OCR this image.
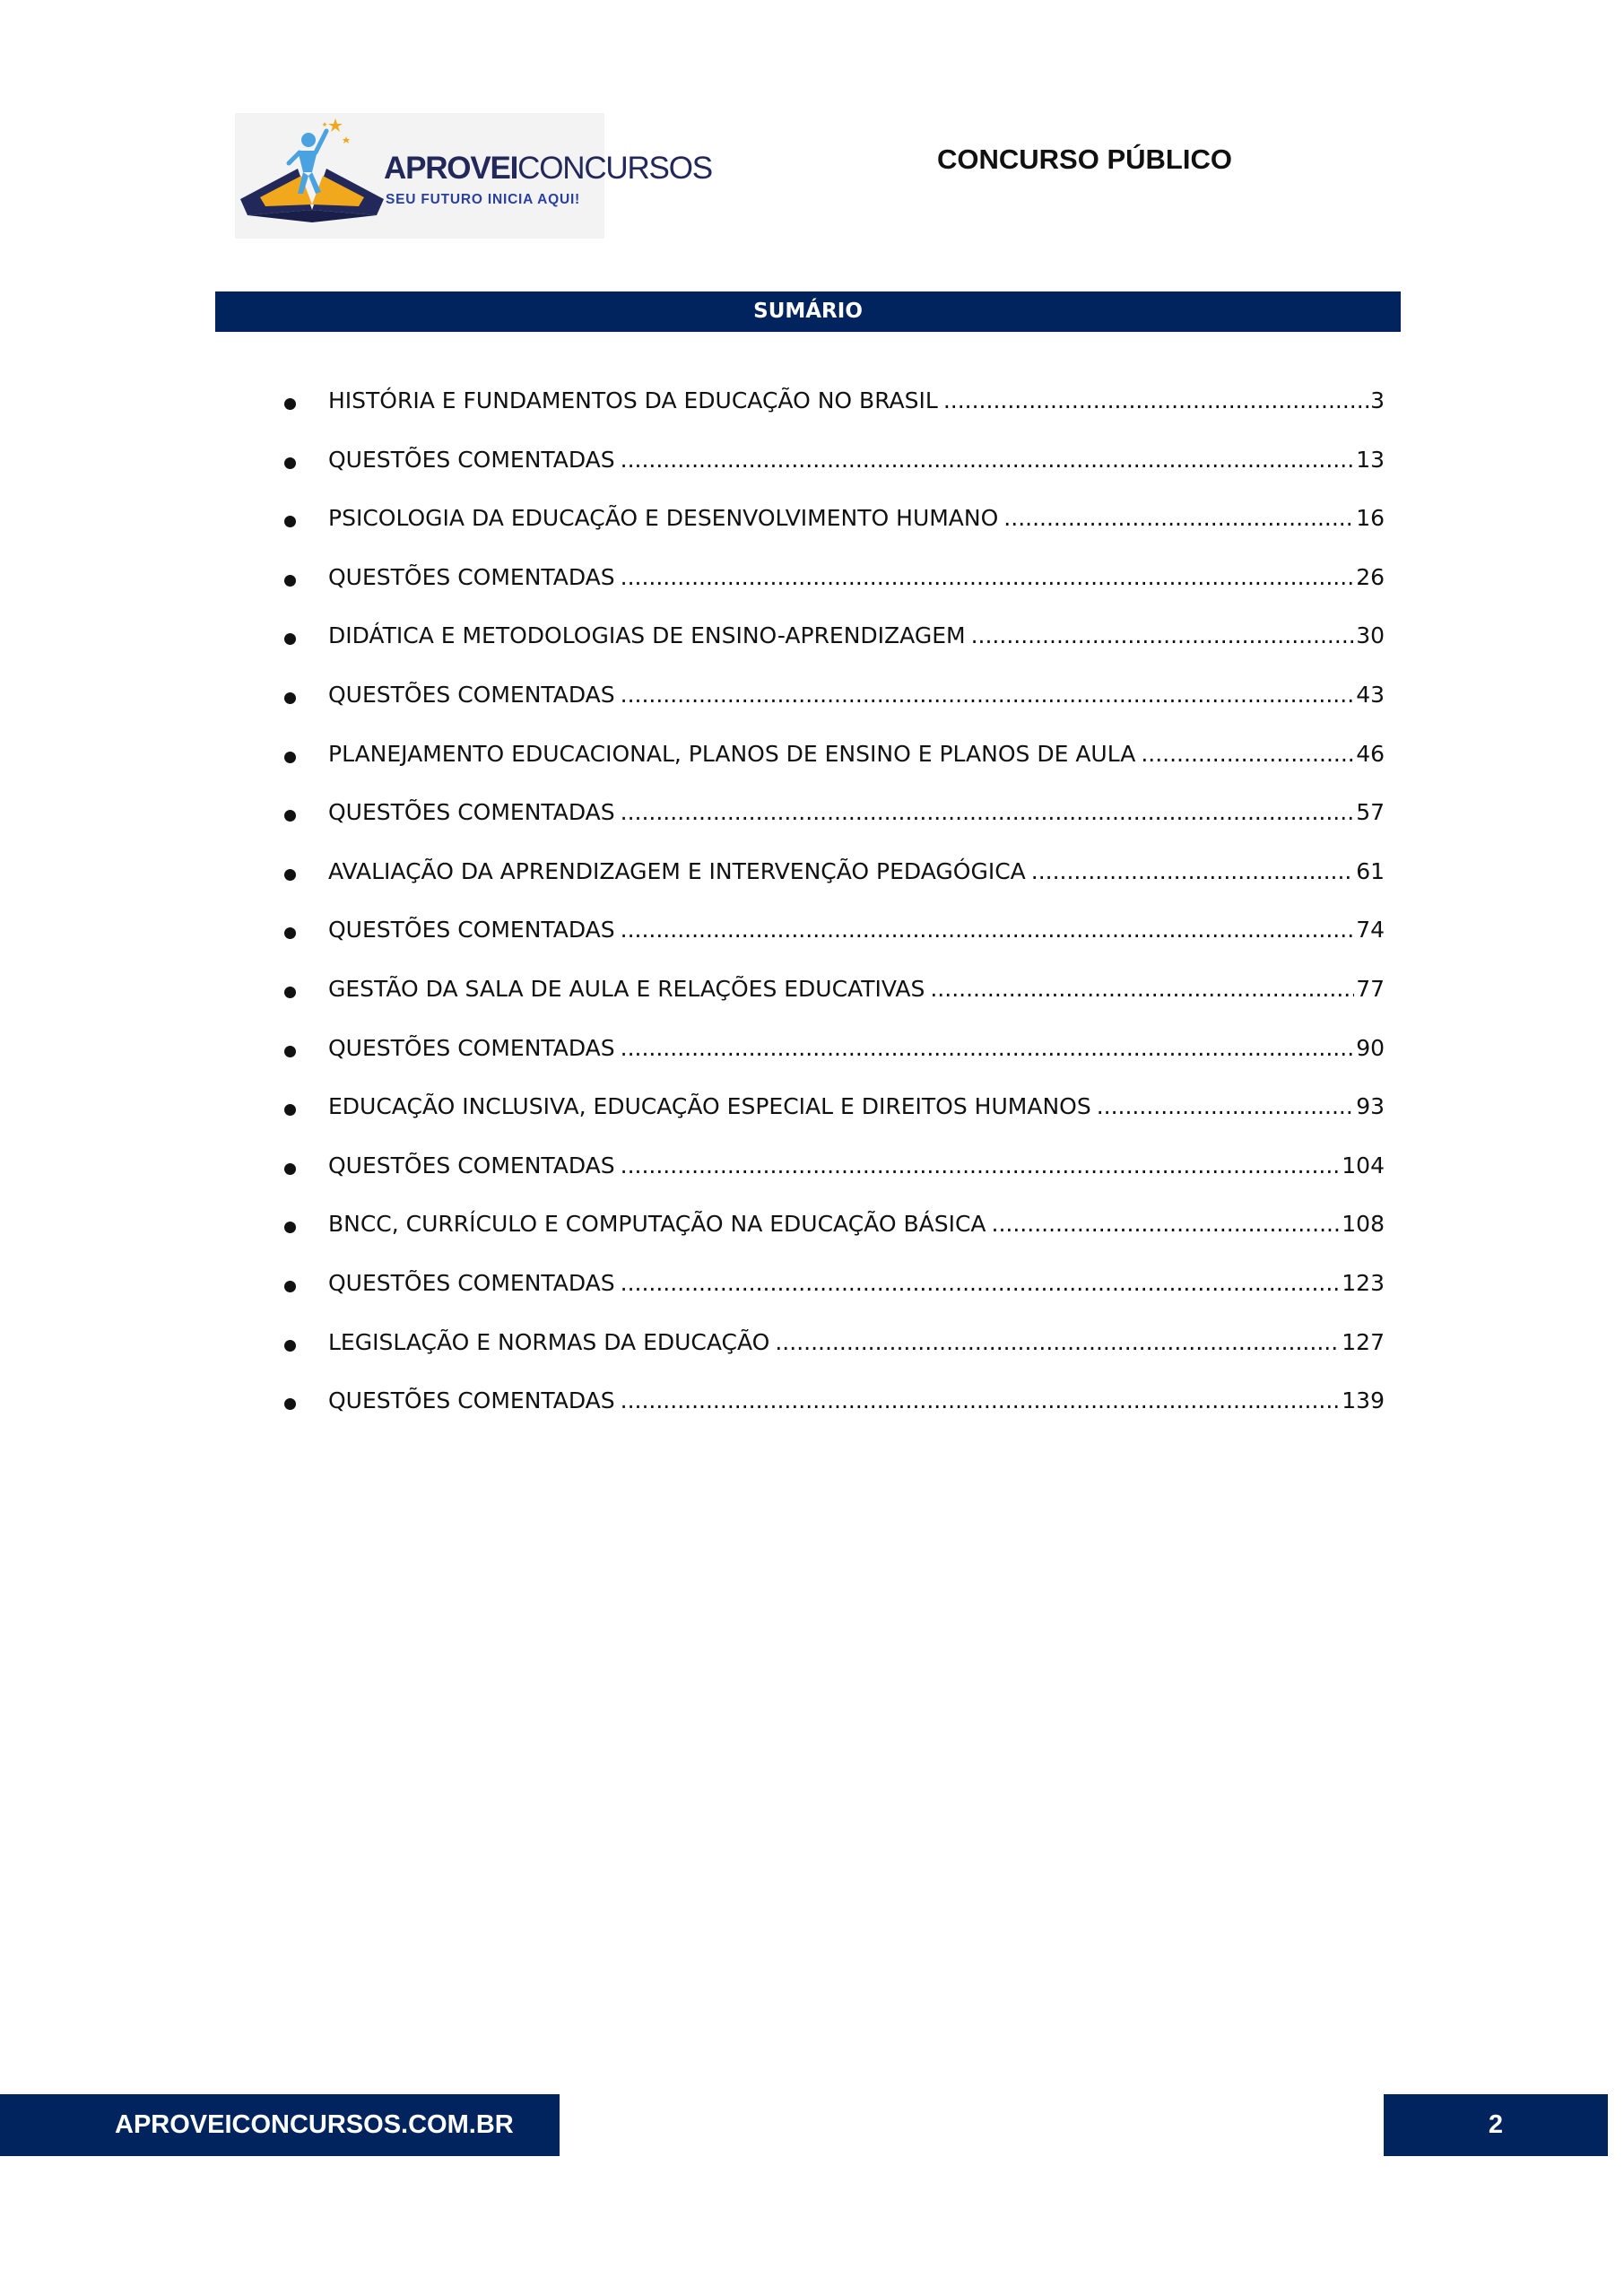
APROVEICONCURSOS
SEU FUTURO INICIA AQUI!
CONCURSO PÚBLICO
SUMÁRIO
HISTÓRIA E FUNDAMENTOS DA EDUCAÇÃO NO BRASIL .....	3
QUESTÕES COMENTADAS .....	13
PSICOLOGIA DA EDUCAÇÃO E DESENVOLVIMENTO HUMANO .....	16
QUESTÕES COMENTADAS .....	26
DIDÁTICA E METODOLOGIAS DE ENSINO-APRENDIZAGEM .....	30
QUESTÕES COMENTADAS .....	43
PLANEJAMENTO EDUCACIONAL, PLANOS DE ENSINO E PLANOS DE AULA .....	46
QUESTÕES COMENTADAS .....	57
AVALIAÇÃO DA APRENDIZAGEM E INTERVENÇÃO PEDAGÓGICA .....	61
QUESTÕES COMENTADAS .....	74
GESTÃO DA SALA DE AULA E RELAÇÕES EDUCATIVAS .....	77
QUESTÕES COMENTADAS .....	90
EDUCAÇÃO INCLUSIVA, EDUCAÇÃO ESPECIAL E DIREITOS HUMANOS .....	93
QUESTÕES COMENTADAS .....	104
BNCC, CURRÍCULO E COMPUTAÇÃO NA EDUCAÇÃO BÁSICA .....	108
QUESTÕES COMENTADAS .....	123
LEGISLAÇÃO E NORMAS DA EDUCAÇÃO .....	127
QUESTÕES COMENTADAS .....	139
APROVEICONCURSOS.COM.BR	2
